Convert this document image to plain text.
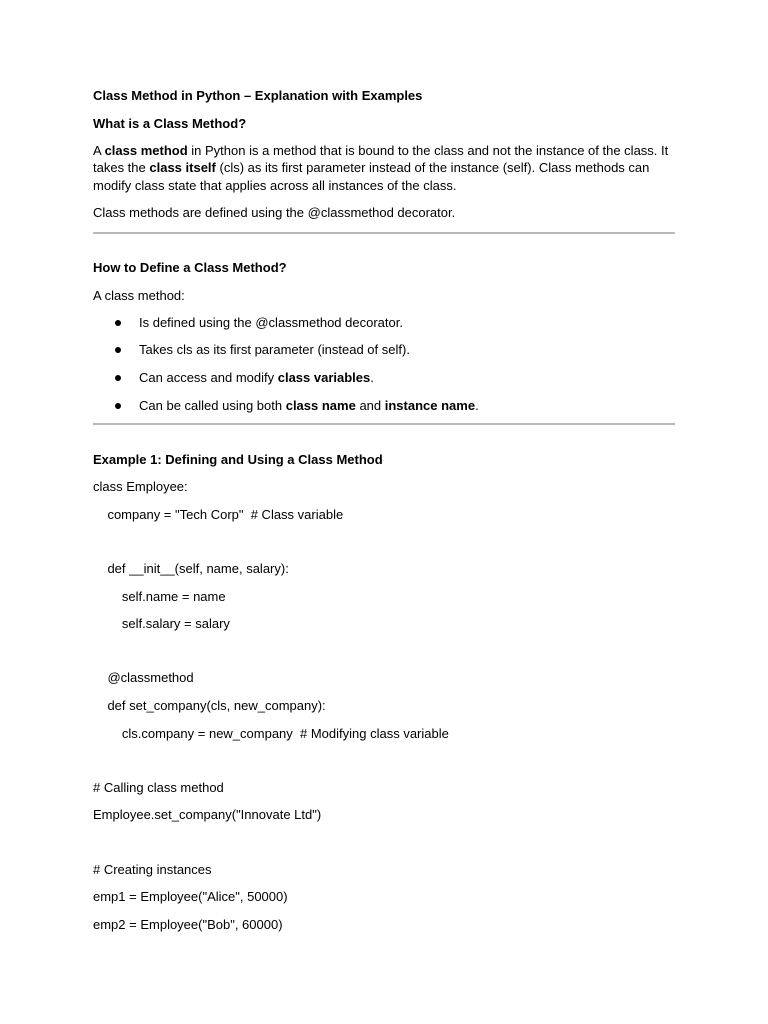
Class Method in Python – Explanation with Examples
What is a Class Method?
A class method in Python is a method that is bound to the class and not the instance of the class. It
takes the class itself (cls) as its first parameter instead of the instance (self). Class methods can
modify class state that applies across all instances of the class.
Class methods are defined using the @classmethod decorator.
How to Define a Class Method?
A class method:
Is defined using the @classmethod decorator.
Takes cls as its first parameter (instead of self).
Can access and modify class variables.
Can be called using both class name and instance name.
Example 1: Defining and Using a Class Method
class Employee:
company = "Tech Corp"  # Class variable
def __init__(self, name, salary):
self.name = name
self.salary = salary
@classmethod
def set_company(cls, new_company):
cls.company = new_company  # Modifying class variable
# Calling class method
Employee.set_company("Innovate Ltd")
# Creating instances
emp1 = Employee("Alice", 50000)
emp2 = Employee("Bob", 60000)
